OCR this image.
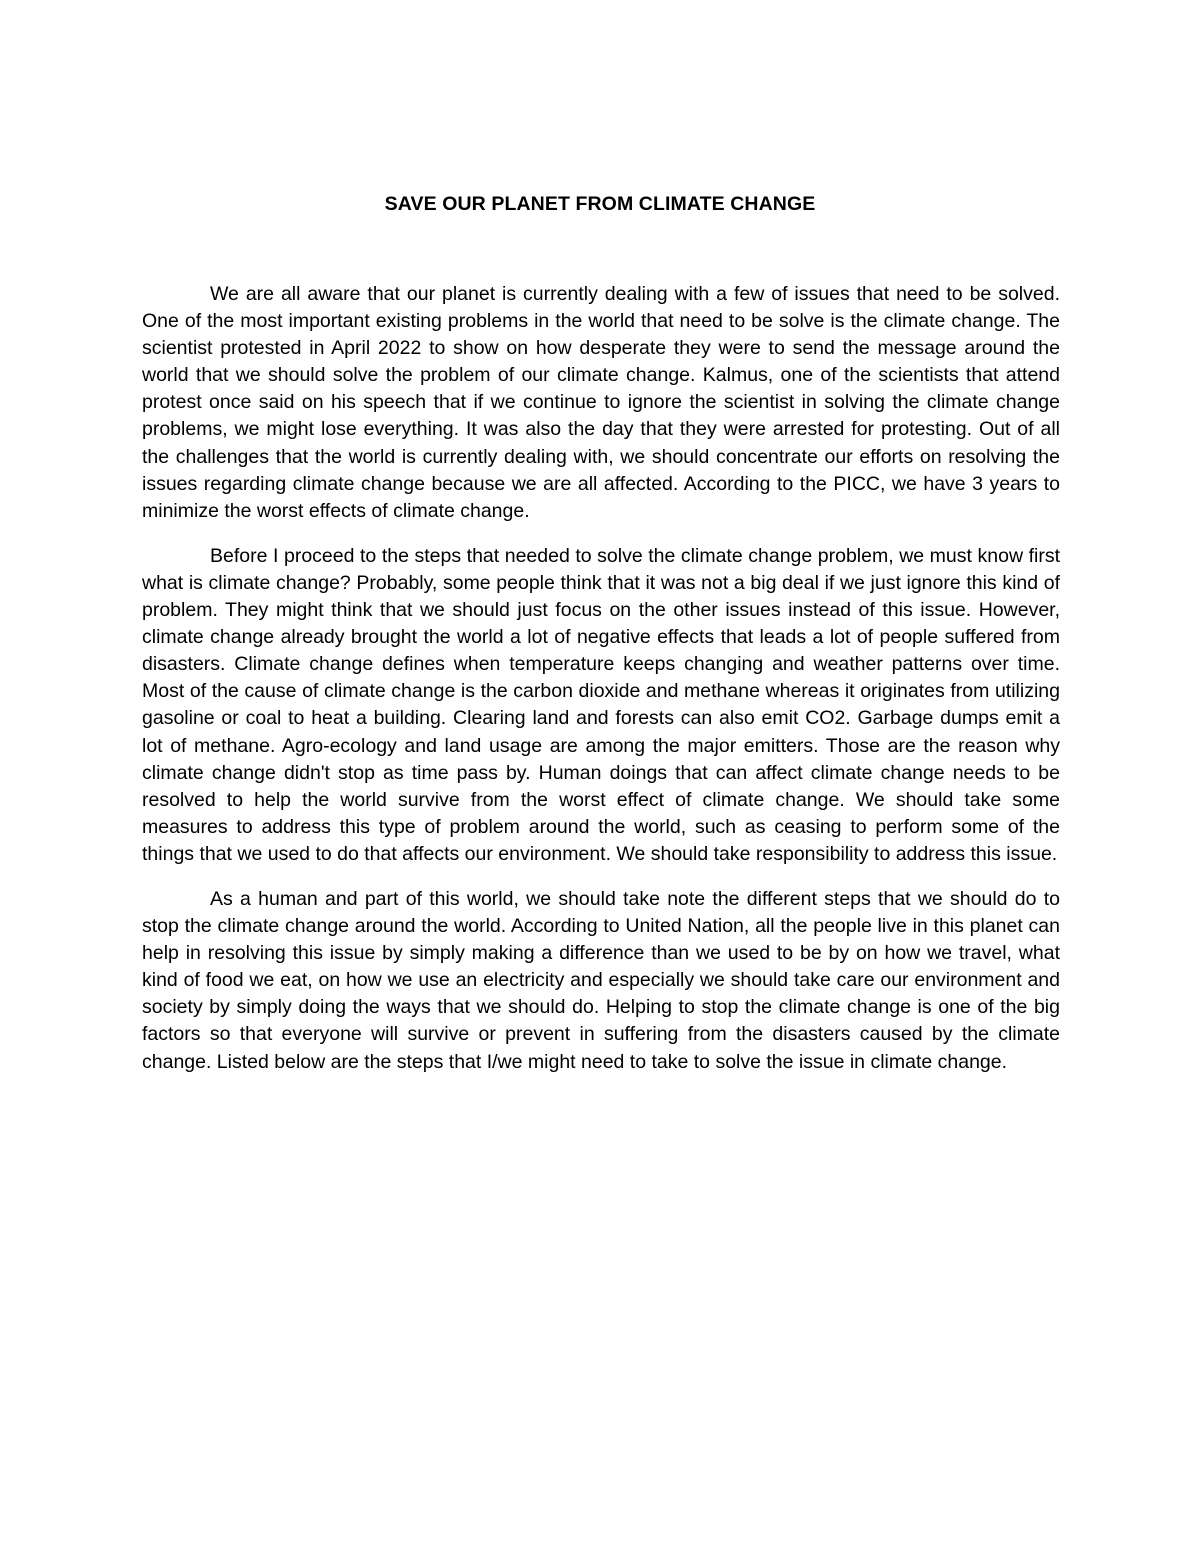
SAVE OUR PLANET FROM CLIMATE CHANGE

We are all aware that our planet is currently dealing with a few of issues that need to be solved. One of the most important existing problems in the world that need to be solve is the climate change. The scientist protested in April 2022 to show on how desperate they were to send the message around the world that we should solve the problem of our climate change. Kalmus, one of the scientists that attend protest once said on his speech that if we continue to ignore the scientist in solving the climate change problems, we might lose everything. It was also the day that they were arrested for protesting. Out of all the challenges that the world is currently dealing with, we should concentrate our efforts on resolving the issues regarding climate change because we are all affected. According to the PICC, we have 3 years to minimize the worst effects of climate change.

Before I proceed to the steps that needed to solve the climate change problem, we must know first what is climate change? Probably, some people think that it was not a big deal if we just ignore this kind of problem. They might think that we should just focus on the other issues instead of this issue. However, climate change already brought the world a lot of negative effects that leads a lot of people suffered from disasters. Climate change defines when temperature keeps changing and weather patterns over time. Most of the cause of climate change is the carbon dioxide and methane whereas it originates from utilizing gasoline or coal to heat a building. Clearing land and forests can also emit CO2. Garbage dumps emit a lot of methane. Agro-ecology and land usage are among the major emitters. Those are the reason why climate change didn't stop as time pass by. Human doings that can affect climate change needs to be resolved to help the world survive from the worst effect of climate change. We should take some measures to address this type of problem around the world, such as ceasing to perform some of the things that we used to do that affects our environment. We should take responsibility to address this issue.

As a human and part of this world, we should take note the different steps that we should do to stop the climate change around the world. According to United Nation, all the people live in this planet can help in resolving this issue by simply making a difference than we used to be by on how we travel, what kind of food we eat, on how we use an electricity and especially we should take care our environment and society by simply doing the ways that we should do. Helping to stop the climate change is one of the big factors so that everyone will survive or prevent in suffering from the disasters caused by the climate change. Listed below are the steps that I/we might need to take to solve the issue in climate change.
